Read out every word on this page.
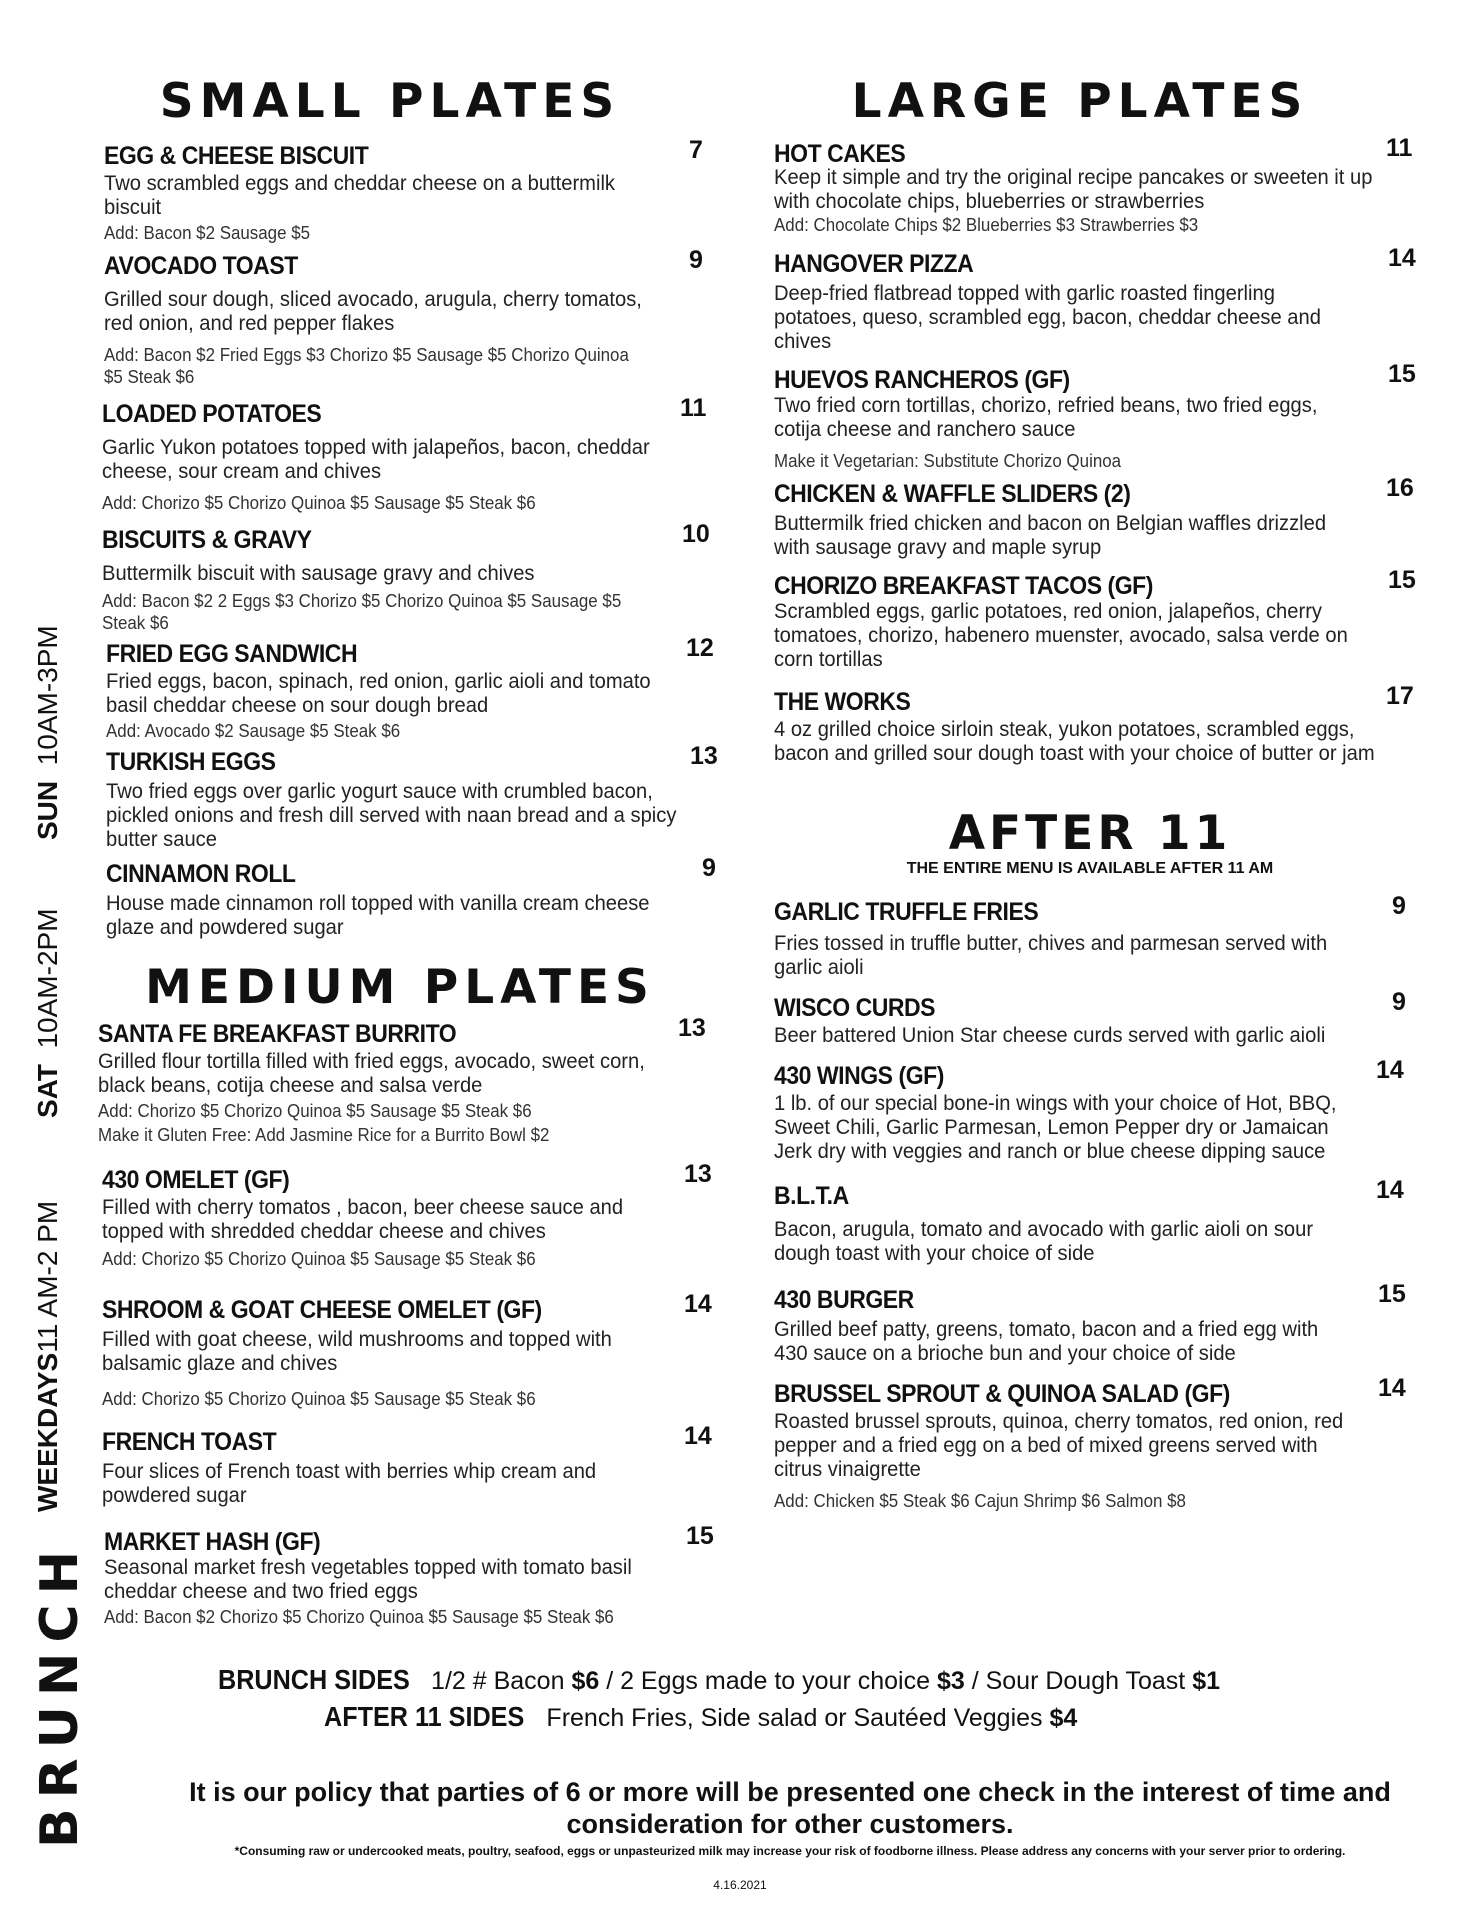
BRUNCH
WEEKDAYS11 AM-2 PM
SAT  10AM-2PM
SUN  10AM-3PM
SMALL PLATES
MEDIUM PLATES
LARGE PLATES
AFTER 11
THE ENTIRE MENU IS AVAILABLE AFTER 11 AM
EGG & CHEESE BISCUIT	7
Two scrambled eggs and cheddar cheese on a buttermilk biscuit
Add: Bacon $2 Sausage $5
AVOCADO TOAST	9
Grilled sour dough, sliced avocado, arugula, cherry tomatos, red onion, and red pepper flakes
Add: Bacon $2 Fried Eggs $3 Chorizo $5 Sausage $5 Chorizo Quinoa $5 Steak $6
LOADED POTATOES	11
Garlic Yukon potatoes topped with jalapeños, bacon, cheddar cheese, sour cream and chives
Add: Chorizo $5 Chorizo Quinoa $5 Sausage $5 Steak $6
BISCUITS & GRAVY	10
Buttermilk biscuit with sausage gravy and chives
Add: Bacon $2 2 Eggs $3 Chorizo $5 Chorizo Quinoa $5 Sausage $5 Steak $6
FRIED EGG SANDWICH	12
Fried eggs, bacon, spinach, red onion, garlic aioli and tomato basil cheddar cheese on sour dough bread
Add: Avocado $2 Sausage $5 Steak $6
TURKISH EGGS	13
Two fried eggs over garlic yogurt sauce with crumbled bacon, pickled onions and fresh dill served with naan bread and a spicy butter sauce
CINNAMON ROLL	9
House made cinnamon roll topped with vanilla cream cheese glaze and powdered sugar
SANTA FE BREAKFAST BURRITO	13
Grilled flour tortilla filled with fried eggs, avocado, sweet corn, black beans, cotija cheese and salsa verde
Add: Chorizo $5 Chorizo Quinoa $5 Sausage $5 Steak $6
Make it Gluten Free: Add Jasmine Rice for a Burrito Bowl $2
430 OMELET (GF)	13
Filled with cherry tomatos , bacon, beer cheese sauce and topped with shredded cheddar cheese and chives
Add: Chorizo $5 Chorizo Quinoa $5 Sausage $5 Steak $6
SHROOM & GOAT CHEESE OMELET (GF)	14
Filled with goat cheese, wild mushrooms and topped with balsamic glaze and chives
Add: Chorizo $5 Chorizo Quinoa $5 Sausage $5 Steak $6
FRENCH TOAST	14
Four slices of French toast with berries whip cream and powdered sugar
MARKET HASH (GF)	15
Seasonal market fresh vegetables topped with tomato basil cheddar cheese and two fried eggs
Add: Bacon $2 Chorizo $5 Chorizo Quinoa $5 Sausage $5 Steak $6
HOT CAKES	11
Keep it simple and try the original recipe pancakes or sweeten it up with chocolate chips, blueberries or strawberries
Add: Chocolate Chips $2 Blueberries $3 Strawberries $3
HANGOVER PIZZA	14
Deep-fried flatbread topped with garlic roasted fingerling potatoes, queso, scrambled egg, bacon, cheddar cheese and chives
HUEVOS RANCHEROS (GF)	15
Two fried corn tortillas, chorizo, refried beans, two fried eggs, cotija cheese and ranchero sauce
Make it Vegetarian: Substitute Chorizo Quinoa
CHICKEN & WAFFLE SLIDERS (2)	16
Buttermilk fried chicken and bacon on Belgian waffles drizzled with sausage gravy and maple syrup
CHORIZO BREAKFAST TACOS (GF)	15
Scrambled eggs, garlic potatoes, red onion, jalapeños, cherry tomatoes, chorizo, habenero muenster, avocado, salsa verde on corn tortillas
THE WORKS	17
4 oz grilled choice sirloin steak, yukon potatoes, scrambled eggs, bacon and grilled sour dough toast with your choice of butter or jam
GARLIC TRUFFLE FRIES	9
Fries tossed in truffle butter, chives and parmesan served with garlic aioli
WISCO CURDS	9
Beer battered Union Star cheese curds served with garlic aioli
430 WINGS (GF)	14
1 lb. of our special bone-in wings with your choice of Hot, BBQ, Sweet Chili, Garlic Parmesan, Lemon Pepper dry or Jamaican Jerk dry with veggies and ranch or blue cheese dipping sauce
B.L.T.A	14
Bacon, arugula, tomato and avocado with garlic aioli on sour dough toast with your choice of side
430 BURGER	15
Grilled beef patty, greens, tomato, bacon and a fried egg with 430 sauce on a brioche bun and your choice of side
BRUSSEL SPROUT & QUINOA SALAD (GF)	14
Roasted brussel sprouts, quinoa, cherry tomatos, red onion, red pepper and a fried egg on a bed of mixed greens served with citrus vinaigrette
Add: Chicken $5 Steak $6 Cajun Shrimp $6 Salmon $8
BRUNCH SIDES 1/2 # Bacon $6 / 2 Eggs made to your choice $3 / Sour Dough Toast $1
AFTER 11 SIDES French Fries, Side salad or Sautéed Veggies $4
It is our policy that parties of 6 or more will be presented one check in the interest of time and consideration for other customers.
*Consuming raw or undercooked meats, poultry, seafood, eggs or unpasteurized milk may increase your risk of foodborne illness. Please address any concerns with your server prior to ordering.
4.16.2021
